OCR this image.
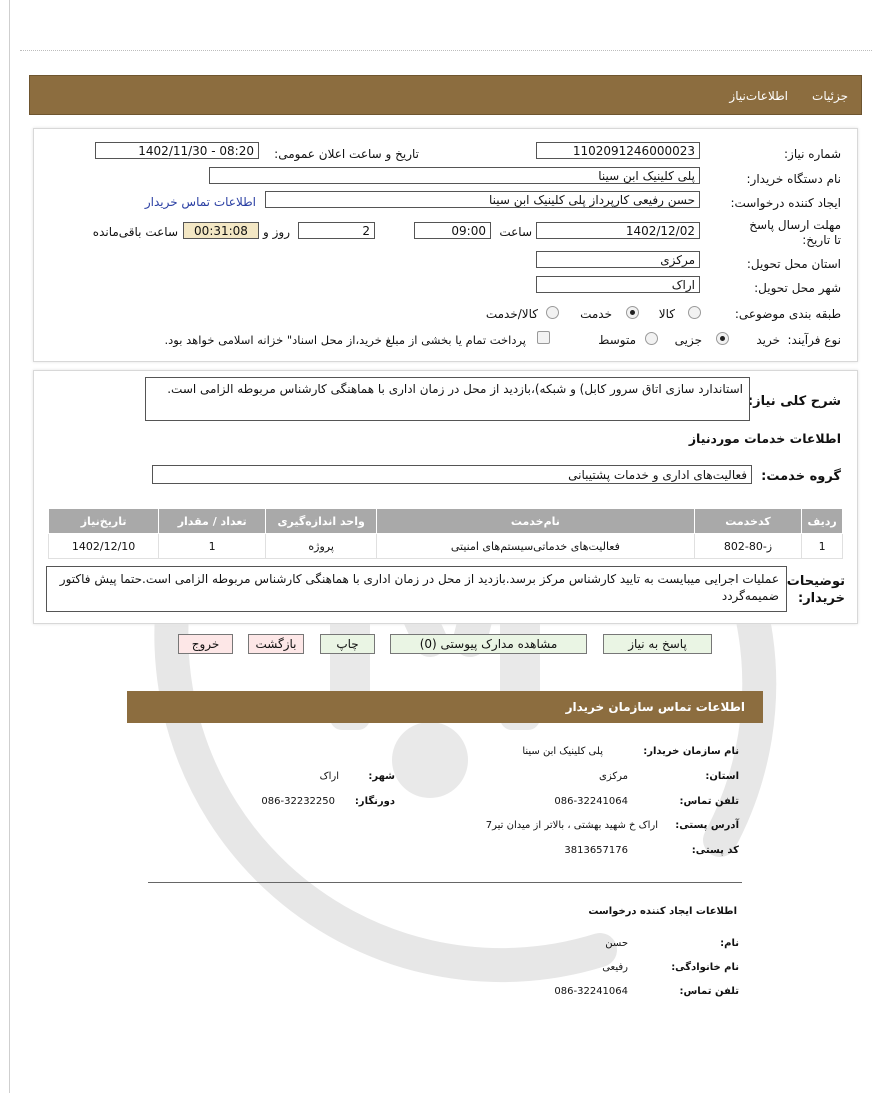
جزئیات
اطلاعات‌نیاز
شماره نیاز:
1102091246000023
تاریخ و ساعت اعلان عمومی:
1402/11/30 - 08:20
نام دستگاه خریدار:
پلی کلینیک ابن سینا
ایجاد کننده درخواست:
حسن رفیعی کارپرداز پلی کلینیک ابن سینا
اطلاعات تماس خریدار
مهلت ارسال پاسخ تا تاریخ:
1402/12/02
ساعت
09:00
2
روز و
00:31:08
ساعت باقی‌مانده
استان محل تحویل:
مرکزی
شهر محل تحویل:
اراک
طبقه بندی موضوعی:
کالا
خدمت
کالا/خدمت
نوع فرآیند:
خرید
جزیی
متوسط
پرداخت تمام یا بخشی از مبلغ خرید،از محل اسناد" خزانه اسلامی خواهد بود.
شرح کلی نیاز:
استاندارد سازی اتاق سرور کابل) و شبکه)،بازدید از محل در زمان اداری با هماهنگی کارشناس مربوطه الزامی است.
اطلاعات خدمات مورد‌نیاز
گروه خدمت:
فعالیت‌های اداری و خدمات پشتیبانی
تاریخ‌نیاز	تعداد / مقدار	واحد اندازه‌گیری	نام‌خدمت	کدخدمت	ردیف
1402/12/10	1	پروژه	فعالیت‌های خدماتی‌سیستم‌های امنیتی	ز-80-802	1
توضیحات خریدار:
عملیات اجرایی میبایست به تایید کارشناس مرکز برسد.بازدید از محل در زمان اداری با هماهنگی کارشناس مربوطه الزامی است.حتما پیش فاکتور ضمیمه‌گردد
پاسخ به نیاز
مشاهده مدارک پیوستی (0)
چاپ
بازگشت
خروج
اطلاعات تماس سازمان خریدار
نام سازمان خریدار:
پلی کلینیک ابن سینا
استان:
مرکزی
شهر:
اراک
تلفن تماس:
086-32241064
دورنگار:
086-32232250
آدرس پستی:
اراک خ شهید بهشتی ، بالاتر از میدان تیر7
کد پستی:
3813657176
اطلاعات ایجاد کننده درخواست
نام:
حسن
نام خانوادگی:
رفیعی
تلفن تماس:
086-32241064
